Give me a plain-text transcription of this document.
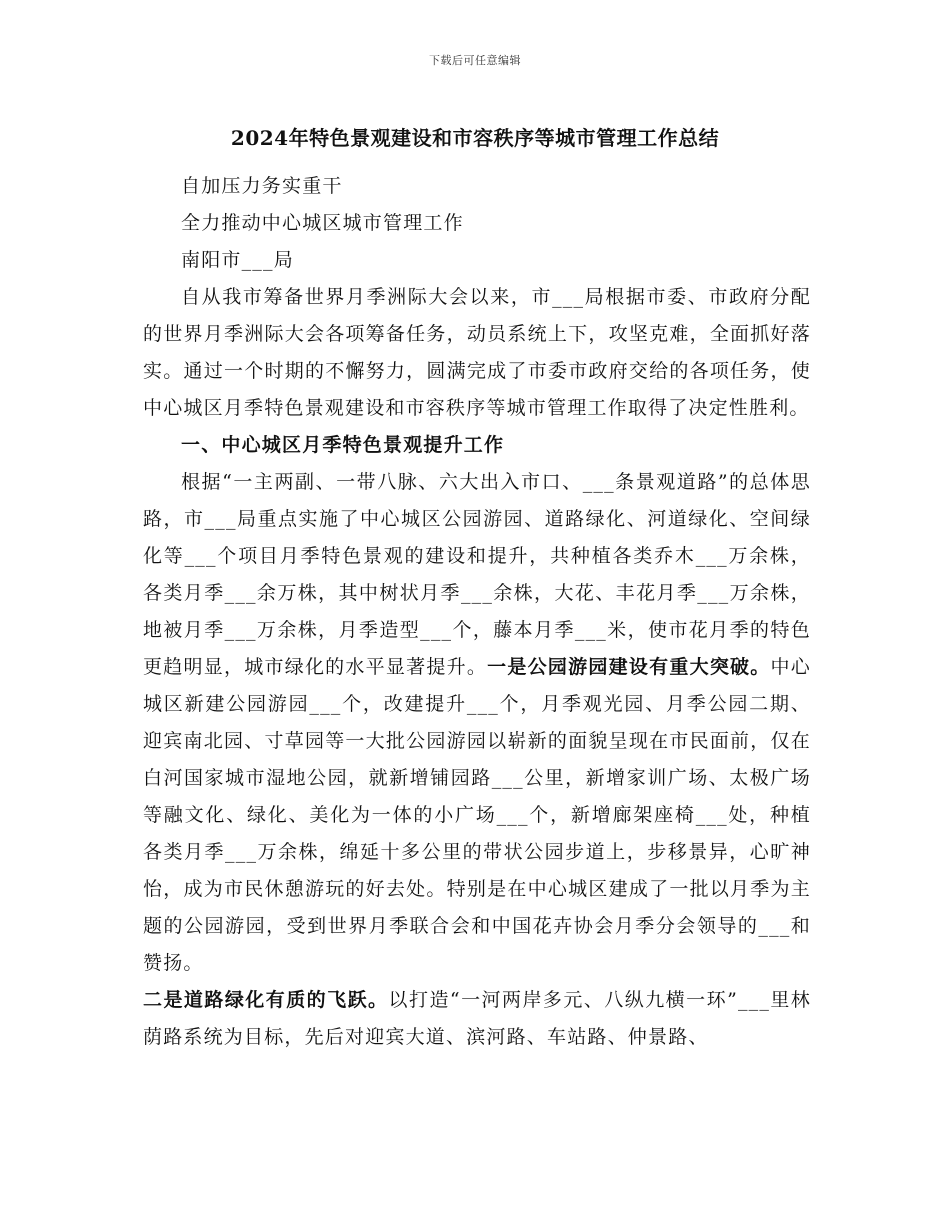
下载后可任意编辑
2024年特色景观建设和市容秩序等城市管理工作总结
自加压力务实重干
全力推动中心城区城市管理工作
南阳市___局

自从我市筹备世界月季洲际大会以来，市___局根据市委、市政府分配的世界月季洲际大会各项筹备任务，动员系统上下，攻坚克难，全面抓好落实。通过一个时期的不懈努力，圆满完成了市委市政府交给的各项任务，使中心城区月季特色景观建设和市容秩序等城市管理工作取得了决定性胜利。

一、中心城区月季特色景观提升工作

根据“一主两副、一带八脉、六大出入市口、___条景观道路”的总体思路，市___局重点实施了中心城区公园游园、道路绿化、河道绿化、空间绿化等___个项目月季特色景观的建设和提升，共种植各类乔木___万余株，各类月季___余万株，其中树状月季___余株，大花、丰花月季___万余株，地被月季___万余株，月季造型___个，藤本月季___米，使市花月季的特色更趋明显，城市绿化的水平显著提升。一是公园游园建设有重大突破。中心城区新建公园游园___个，改建提升___个，月季观光园、月季公园二期、迎宾南北园、寸草园等一大批公园游园以崭新的面貌呈现在市民面前，仅在白河国家城市湿地公园，就新增铺园路___公里，新增家训广场、太极广场等融文化、绿化、美化为一体的小广场___个，新增廊架座椅___处，种植各类月季___万余株，绵延十多公里的带状公园步道上，步移景异，心旷神怡，成为市民休憩游玩的好去处。特别是在中心城区建成了一批以月季为主题的公园游园，受到世界月季联合会和中国花卉协会月季分会领导的___和赞扬。

二是道路绿化有质的飞跃。以打造“一河两岸多元、八纵九横一环”___里林荫路系统为目标，先后对迎宾大道、滨河路、车站路、仲景路、
